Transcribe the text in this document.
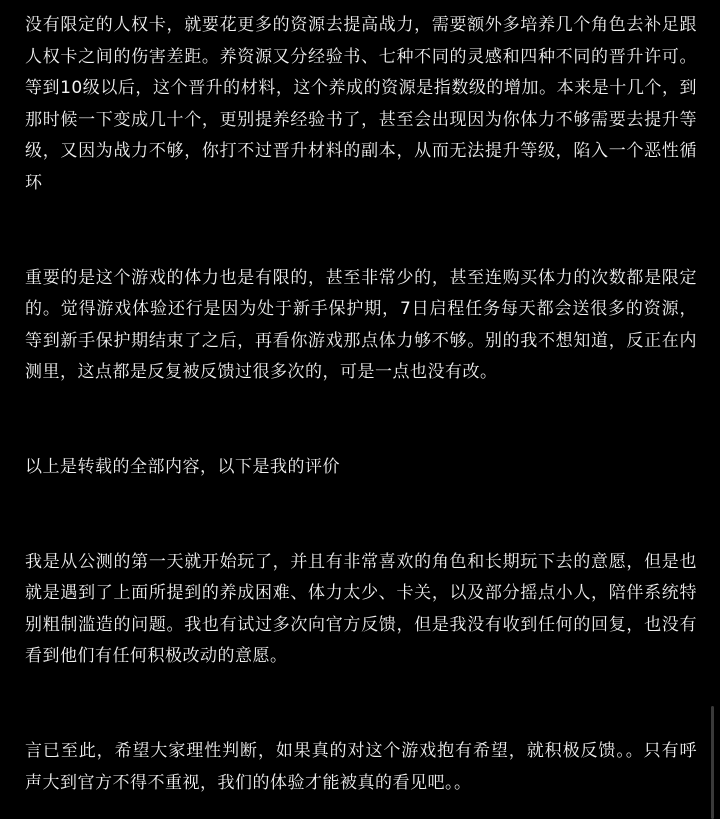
没有限定的人权卡，就要花更多的资源去提高战力，需要额外多培养几个角色去补足跟人权卡之间的伤害差距。养资源又分经验书、七种不同的灵感和四种不同的晋升许可。等到10级以后，这个晋升的材料，这个养成的资源是指数级的增加。本来是十几个，到那时候一下变成几十个，更别提养经验书了，甚至会出现因为你体力不够需要去提升等级，又因为战力不够，你打不过晋升材料的副本，从而无法提升等级，陷入一个恶性循环

重要的是这个游戏的体力也是有限的，甚至非常少的，甚至连购买体力的次数都是限定的。觉得游戏体验还行是因为处于新手保护期，7日启程任务每天都会送很多的资源，等到新手保护期结束了之后，再看你游戏那点体力够不够。别的我不想知道，反正在内测里，这点都是反复被反馈过很多次的，可是一点也没有改。

以上是转载的全部内容，以下是我的评价

我是从公测的第一天就开始玩了，并且有非常喜欢的角色和长期玩下去的意愿，但是也就是遇到了上面所提到的养成困难、体力太少、卡关，以及部分摇点小人，陪伴系统特别粗制滥造的问题。我也有试过多次向官方反馈，但是我没有收到任何的回复，也没有看到他们有任何积极改动的意愿。

言已至此，希望大家理性判断，如果真的对这个游戏抱有希望，就积极反馈。。只有呼声大到官方不得不重视，我们的体验才能被真的看见吧。。
